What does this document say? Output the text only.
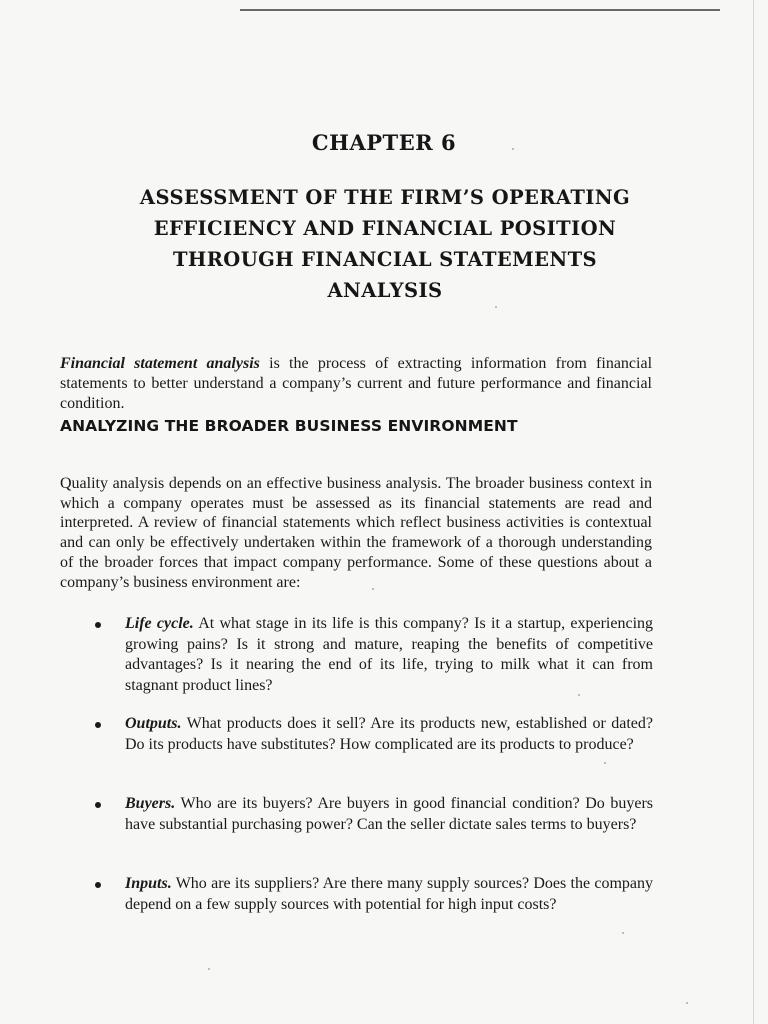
CHAPTER 6
ASSESSMENT OF THE FIRM’S OPERATING
EFFICIENCY AND FINANCIAL POSITION
THROUGH FINANCIAL STATEMENTS
ANALYSIS

Financial statement analysis is the process of extracting information from financial statements to better understand a company’s current and future performance and financial condition.

ANALYZING THE BROADER BUSINESS ENVIRONMENT

Quality analysis depends on an effective business analysis. The broader business context in which a company operates must be assessed as its financial statements are read and interpreted. A review of financial statements which reflect business activities is contextual and can only be effectively undertaken within the framework of a thorough understanding of the broader forces that impact company performance. Some of these questions about a company’s business environment are:

Life cycle. At what stage in its life is this company? Is it a startup, experiencing growing pains? Is it strong and mature, reaping the benefits of competitive advantages? Is it nearing the end of its life, trying to milk what it can from stagnant product lines?
Outputs. What products does it sell? Are its products new, established or dated? Do its products have substitutes? How complicated are its products to produce?
Buyers. Who are its buyers? Are buyers in good financial condition? Do buyers have substantial purchasing power? Can the seller dictate sales terms to buyers?
Inputs. Who are its suppliers? Are there many supply sources? Does the company depend on a few supply sources with potential for high input costs?
